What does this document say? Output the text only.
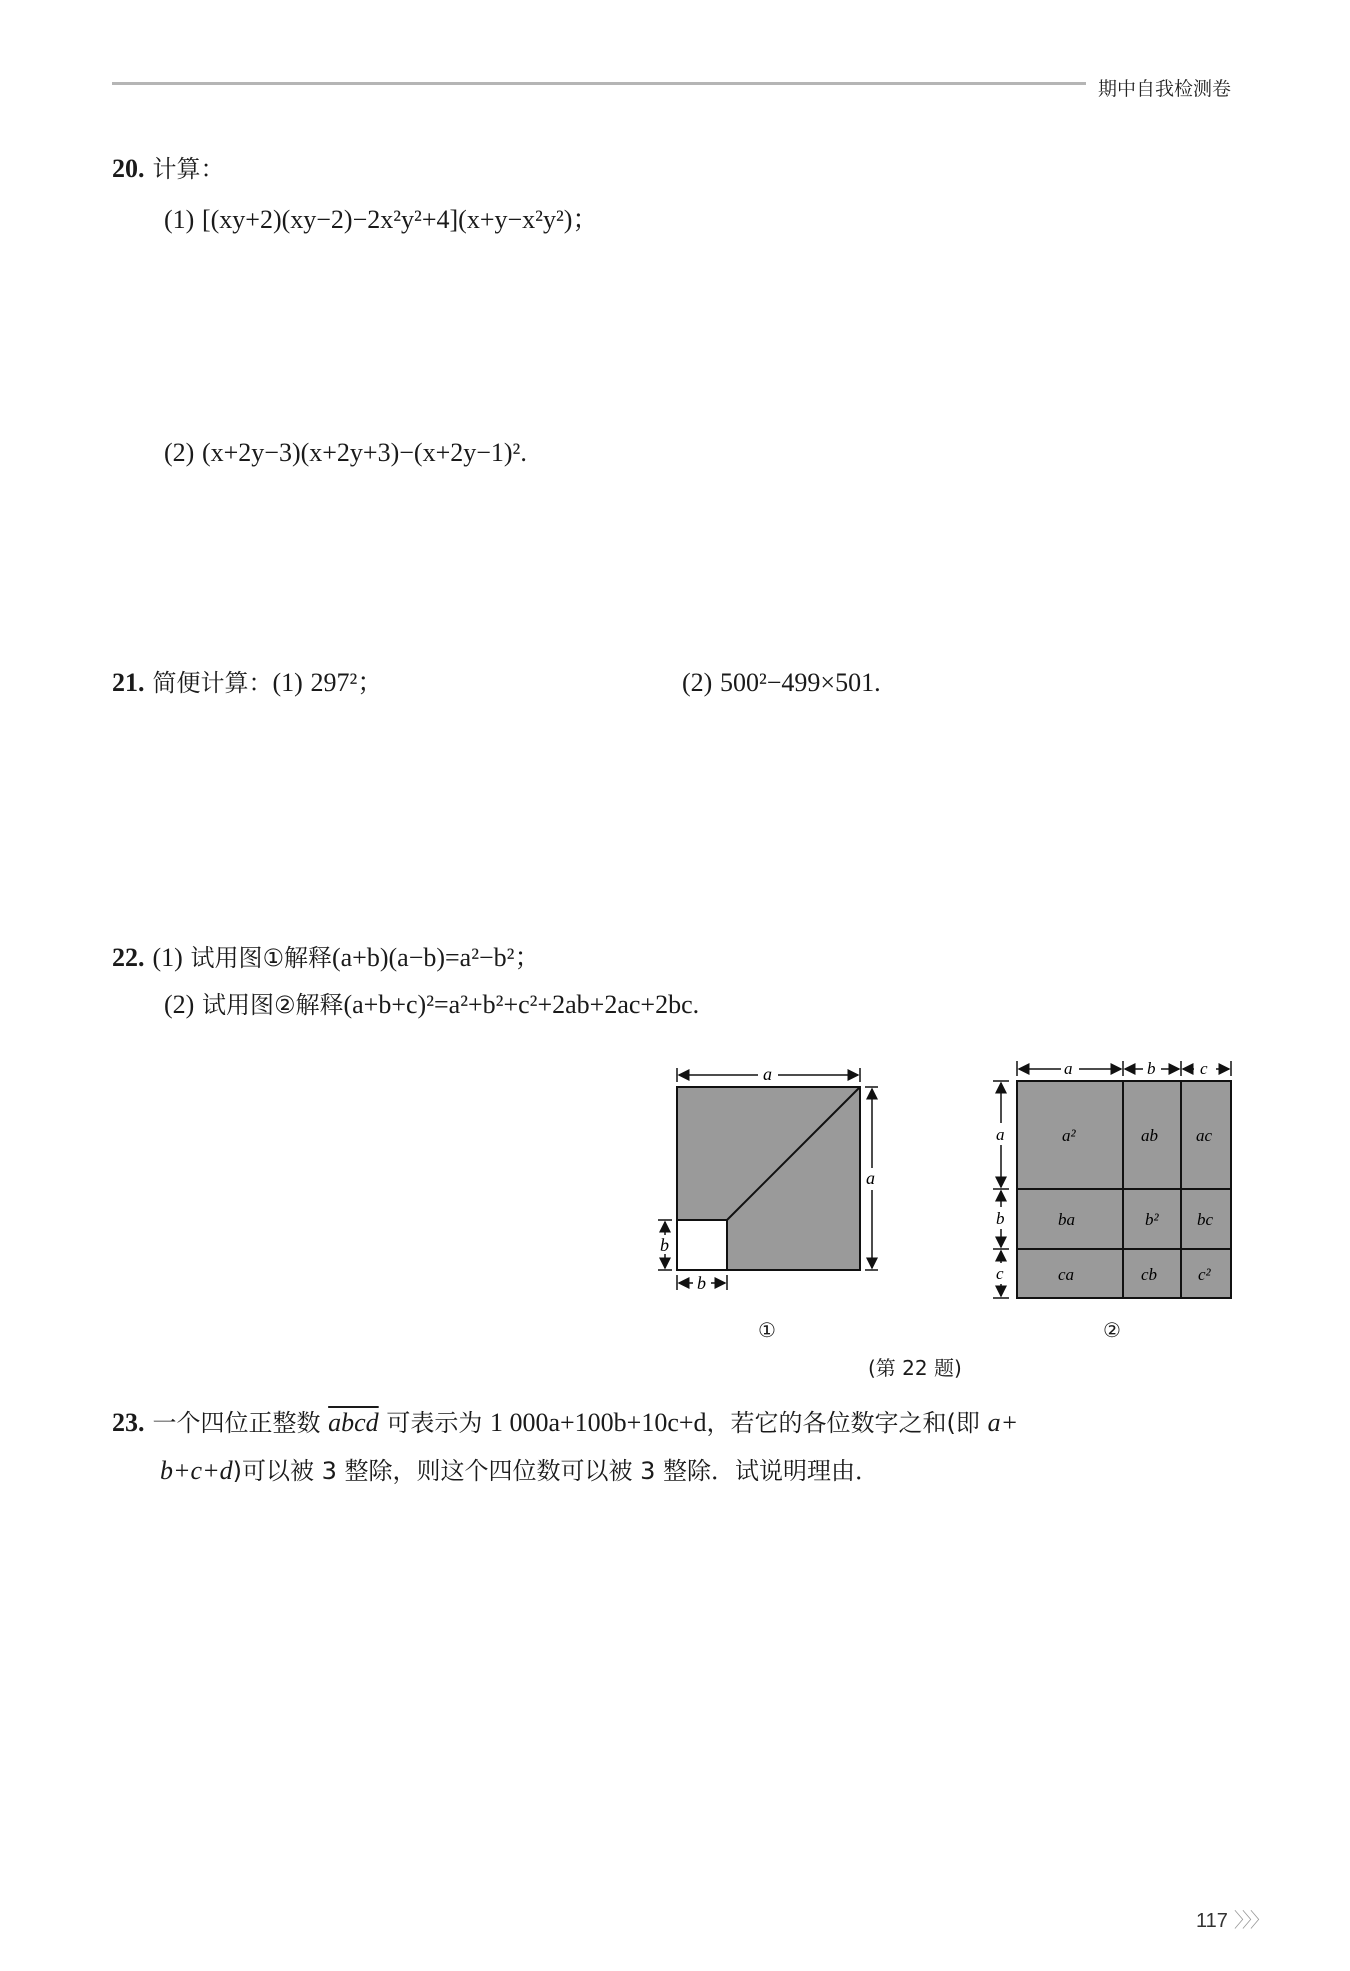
期中自我检测卷
20. 计算：
(1) [(xy+2)(xy−2)−2x²y²+4](x+y−x²y²)；
(2) (x+2y−3)(x+2y+3)−(x+2y−1)².
21. 简便计算：(1) 297²；	(2) 500²−499×501.
22. (1) 试用图①解释(a+b)(a−b)=a²−b²；
(2) 试用图②解释(a+b+c)²=a²+b²+c²+2ab+2ac+2bc.
a
a
b
b
①
a²	ab ac
ba	b² bc
ca	cb c²
a	b	c
a
b
c
②
(第 22 题)
23. 一个四位正整数 abcd 可表示为 1 000a+100b+10c+d，若它的各位数字之和(即 a+
b+c+d)可以被 3 整除，则这个四位数可以被 3 整除．试说明理由．
117 〉〉〉
